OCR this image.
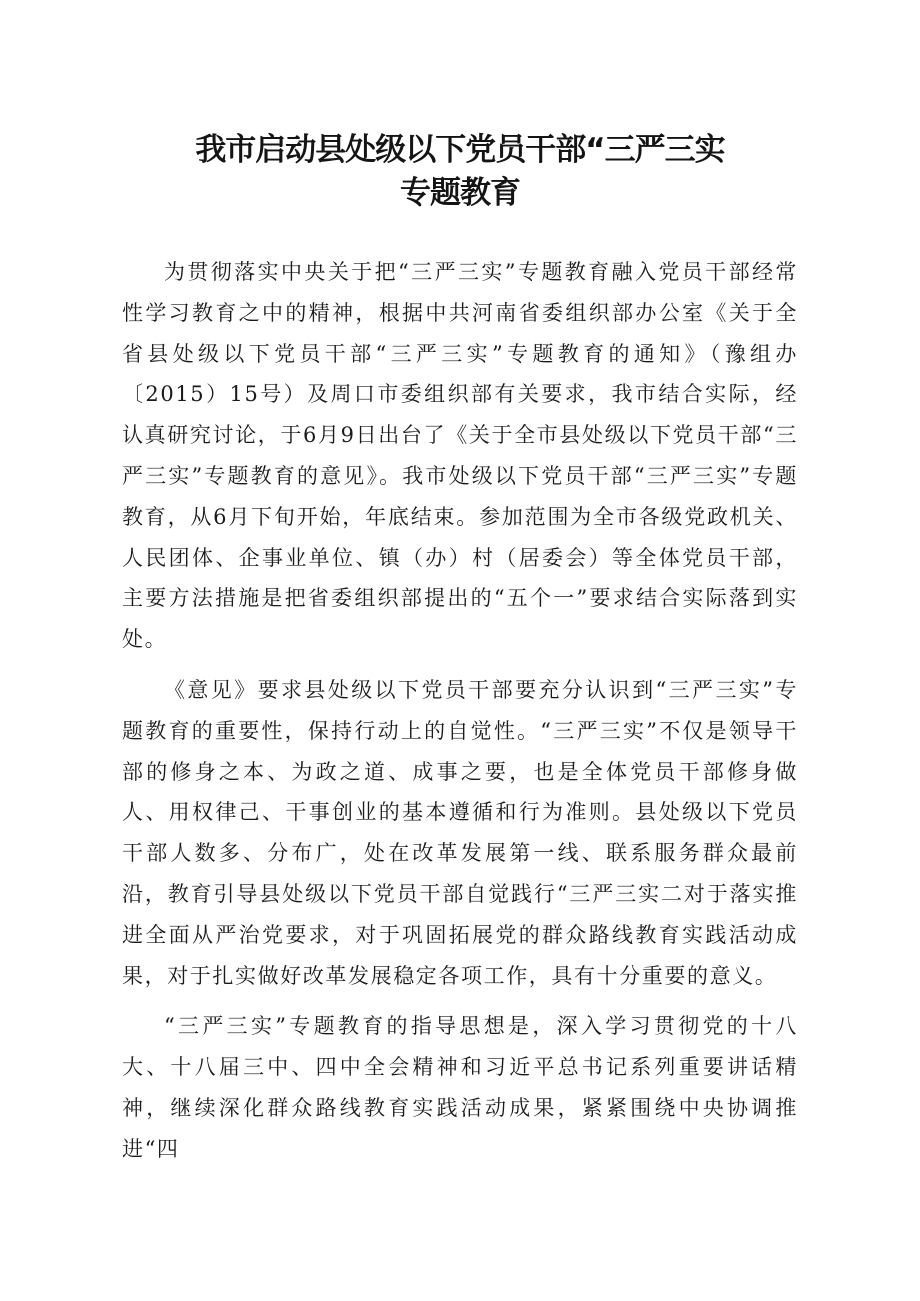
我市启动县处级以下党员干部“三严三实
专题教育

为贯彻落实中央关于把“三严三实”专题教育融入党员干部经常性学习教育之中的精神，根据中共河南省委组织部办公室《关于全省县处级以下党员干部“三严三实”专题教育的通知》（豫组办〔2015）15号）及周口市委组织部有关要求，我市结合实际，经认真研究讨论，于6月9日出台了《关于全市县处级以下党员干部“三严三实”专题教育的意见》。我市处级以下党员干部“三严三实”专题教育，从6月下旬开始，年底结束。参加范围为全市各级党政机关、人民团体、企事业单位、镇（办）村（居委会）等全体党员干部，主要方法措施是把省委组织部提出的“五个一”要求结合实际落到实处。

《意见》要求县处级以下党员干部要充分认识到“三严三实”专题教育的重要性，保持行动上的自觉性。“三严三实”不仅是领导干部的修身之本、为政之道、成事之要，也是全体党员干部修身做人、用权律己、干事创业的基本遵循和行为准则。县处级以下党员干部人数多、分布广，处在改革发展第一线、联系服务群众最前沿，教育引导县处级以下党员干部自觉践行“三严三实二对于落实推进全面从严治党要求，对于巩固拓展党的群众路线教育实践活动成果，对于扎实做好改革发展稳定各项工作，具有十分重要的意义。

“三严三实”专题教育的指导思想是，深入学习贯彻党的十八大、十八届三中、四中全会精神和习近平总书记系列重要讲话精神，继续深化群众路线教育实践活动成果，紧紧围绕中央协调推进“四
